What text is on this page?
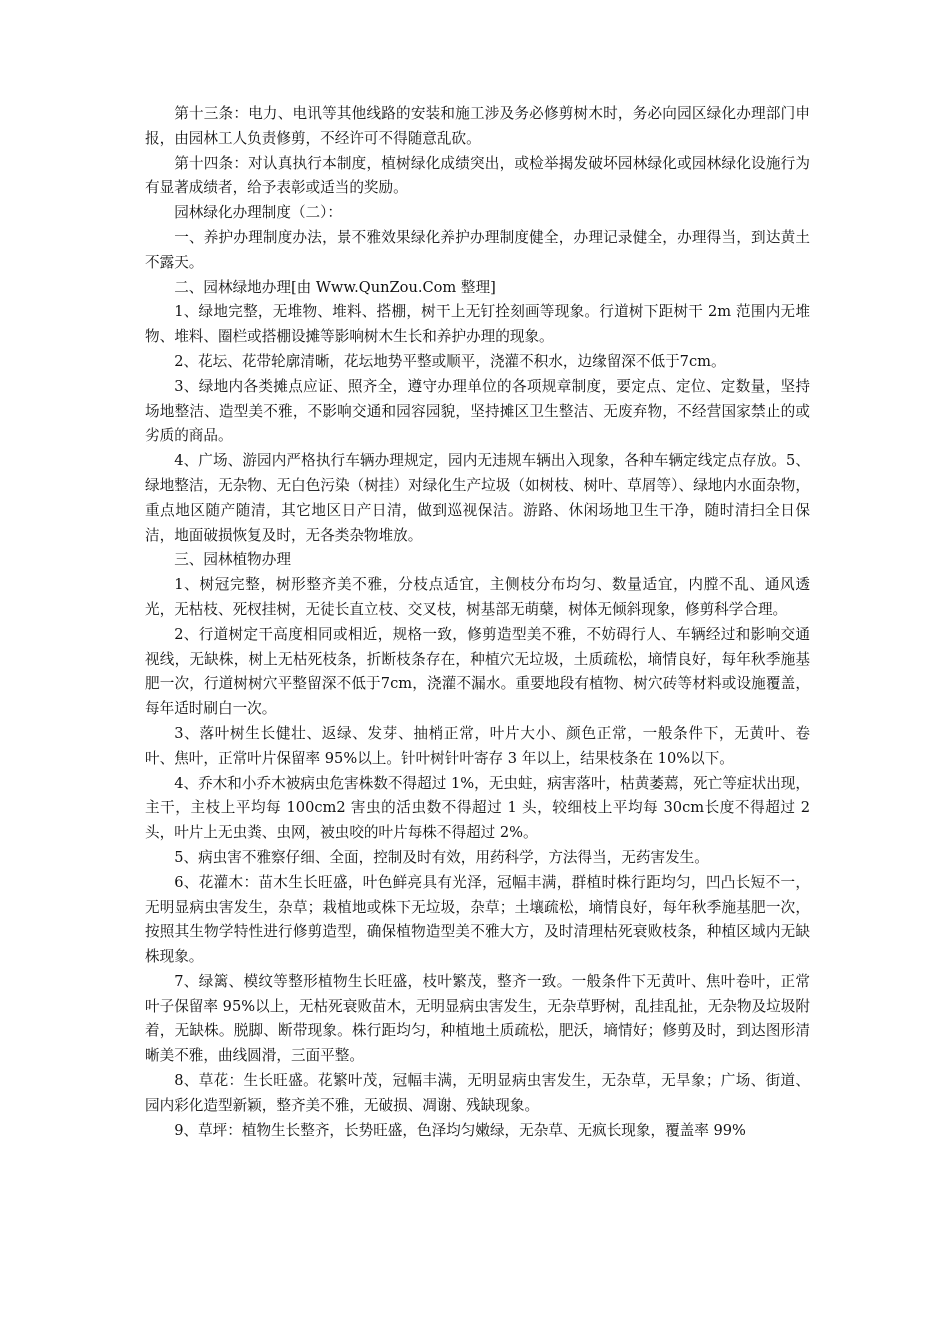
第十三条：电力、电讯等其他线路的安装和施工涉及务必修剪树木时，务必向园区绿化办理部门申报，由园林工人负责修剪，不经许可不得随意乱砍。

第十四条：对认真执行本制度，植树绿化成绩突出，或检举揭发破坏园林绿化或园林绿化设施行为有显著成绩者，给予表彰或适当的奖励。

园林绿化办理制度（二）：

一、养护办理制度办法，景不雅效果绿化养护办理制度健全，办理记录健全，办理得当，到达黄土不露天。

二、园林绿地办理[由 Www.QunZou.Com 整理]

1、绿地完整，无堆物、堆料、搭棚，树干上无钉拴刻画等现象。行道树下距树干 2m 范围内无堆物、堆料、圈栏或搭棚设摊等影响树木生长和养护办理的现象。

2、花坛、花带轮廓清晰，花坛地势平整或顺平，浇灌不积水，边缘留深不低于7cm。

3、绿地内各类摊点应证、照齐全，遵守办理单位的各项规章制度，要定点、定位、定数量，坚持场地整洁、造型美不雅，不影响交通和园容园貌，坚持摊区卫生整洁、无废弃物，不经营国家禁止的或劣质的商品。

4、广场、游园内严格执行车辆办理规定，园内无违规车辆出入现象，各种车辆定线定点存放。5、绿地整洁，无杂物、无白色污染（树挂）对绿化生产垃圾（如树枝、树叶、草屑等）、绿地内水面杂物，重点地区随产随清，其它地区日产日清，做到巡视保洁。游路、休闲场地卫生干净，随时清扫全日保洁，地面破损恢复及时，无各类杂物堆放。

三、园林植物办理

1、树冠完整，树形整齐美不雅，分枝点适宜，主侧枝分布均匀、数量适宜，内膛不乱、通风透光，无枯枝、死杈挂树，无徒长直立枝、交叉枝，树基部无萌蘖，树体无倾斜现象，修剪科学合理。

2、行道树定干高度相同或相近，规格一致，修剪造型美不雅，不妨碍行人、车辆经过和影响交通视线，无缺株，树上无枯死枝条，折断枝条存在，种植穴无垃圾，土质疏松，墒情良好，每年秋季施基肥一次，行道树树穴平整留深不低于7cm，浇灌不漏水。重要地段有植物、树穴砖等材料或设施覆盖，每年适时刷白一次。

3、落叶树生长健壮、返绿、发芽、抽梢正常，叶片大小、颜色正常，一般条件下，无黄叶、卷叶、焦叶，正常叶片保留率 95%以上。针叶树针叶寄存 3 年以上，结果枝条在 10%以下。

4、乔木和小乔木被病虫危害株数不得超过 1%，无虫蛀，病害落叶，枯黄萎蔫，死亡等症状出现，主干，主枝上平均每 100cm2 害虫的活虫数不得超过 1 头，较细枝上平均每 30cm长度不得超过 2 头，叶片上无虫粪、虫网，被虫咬的叶片每株不得超过 2%。

5、病虫害不雅察仔细、全面，控制及时有效，用药科学，方法得当，无药害发生。

6、花灌木：苗木生长旺盛，叶色鲜亮具有光泽，冠幅丰满，群植时株行距均匀，凹凸长短不一，无明显病虫害发生，杂草；栽植地或株下无垃圾，杂草；土壤疏松，墒情良好，每年秋季施基肥一次，按照其生物学特性进行修剪造型，确保植物造型美不雅大方，及时清理枯死衰败枝条，种植区域内无缺株现象。

7、绿篱、模纹等整形植物生长旺盛，枝叶繁茂，整齐一致。一般条件下无黄叶、焦叶卷叶，正常叶子保留率 95%以上，无枯死衰败苗木，无明显病虫害发生，无杂草野树，乱挂乱扯，无杂物及垃圾附着，无缺株。脱脚、断带现象。株行距均匀，种植地土质疏松，肥沃，墒情好；修剪及时，到达图形清晰美不雅，曲线圆滑，三面平整。

8、草花：生长旺盛。花繁叶茂，冠幅丰满，无明显病虫害发生，无杂草，无旱象；广场、街道、园内彩化造型新颖，整齐美不雅，无破损、凋谢、残缺现象。

9、草坪：植物生长整齐，长势旺盛，色泽均匀嫩绿，无杂草、无疯长现象，覆盖率 99%
